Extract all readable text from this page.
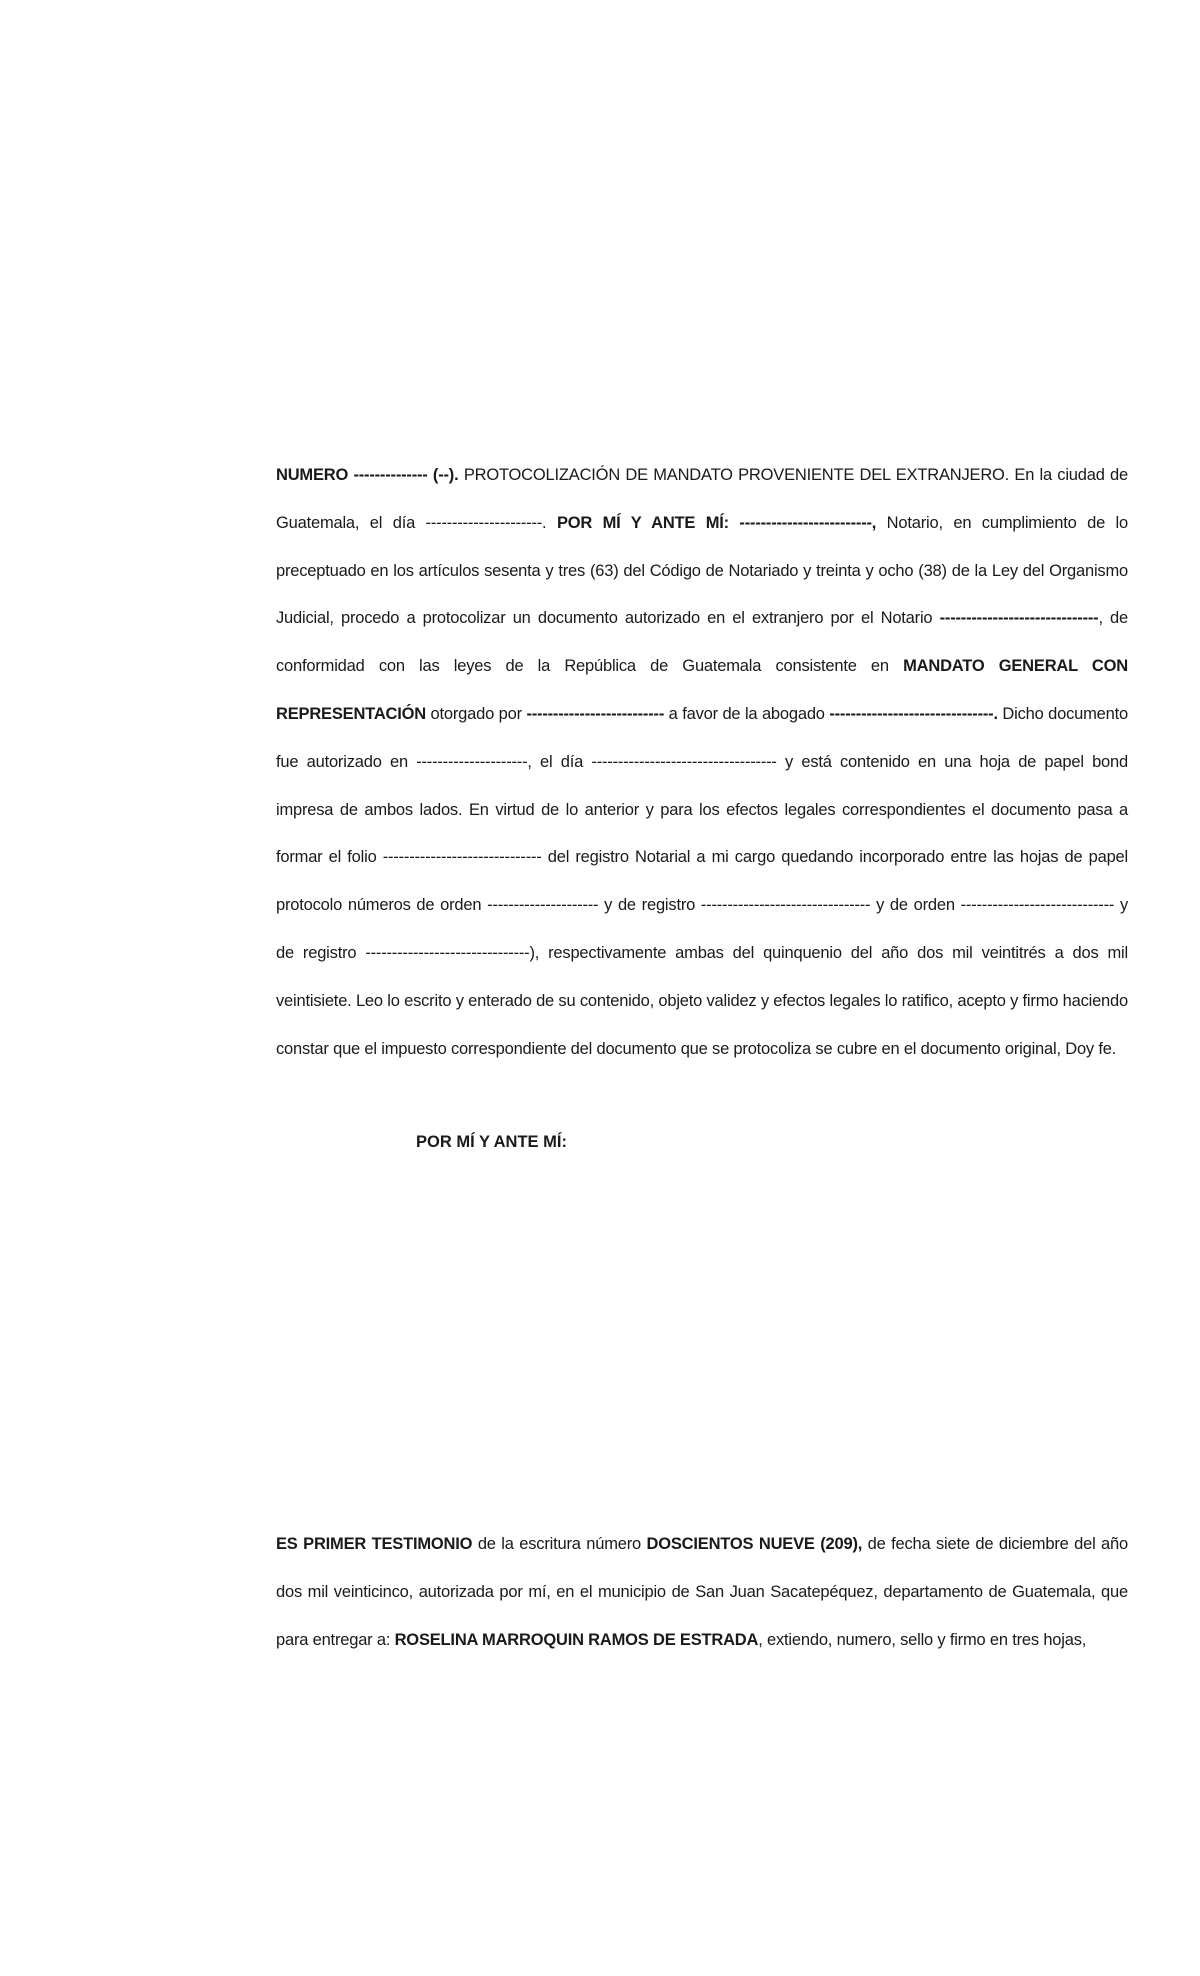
NUMERO -------------- (--). PROTOCOLIZACIÓN DE MANDATO PROVENIENTE DEL EXTRANJERO. En la ciudad de Guatemala, el día ----------------------. POR MÍ Y ANTE MÍ: -------------------------, Notario, en cumplimiento de lo preceptuado en los artículos sesenta y tres (63) del Código de Notariado y treinta y ocho (38) de la Ley del Organismo Judicial, procedo a protocolizar un documento autorizado en el extranjero por el Notario ------------------------------, de conformidad con las leyes de la República de Guatemala consistente en MANDATO GENERAL CON REPRESENTACIÓN otorgado por -------------------------- a favor de la abogado -------------------------------. Dicho documento fue autorizado en ---------------------, el día ----------------------------------- y está contenido en una hoja de papel bond impresa de ambos lados. En virtud de lo anterior y para los efectos legales correspondientes el documento pasa a formar el folio ------------------------------ del registro Notarial a mi cargo quedando incorporado entre las hojas de papel protocolo números de orden --------------------- y de registro -------------------------------- y de orden ----------------------------- y de registro -------------------------------), respectivamente ambas del quinquenio del año dos mil veintitrés a dos mil veintisiete. Leo lo escrito y enterado de su contenido, objeto validez y efectos legales lo ratifico, acepto y firmo haciendo constar que el impuesto correspondiente del documento que se protocoliza se cubre en el documento original, Doy fe.

POR MÍ Y ANTE MÍ:

ES PRIMER TESTIMONIO de la escritura número DOSCIENTOS NUEVE (209), de fecha siete de diciembre del año dos mil veinticinco, autorizada por mí, en el municipio de San Juan Sacatepéquez, departamento de Guatemala, que para entregar a: ROSELINA MARROQUIN RAMOS DE ESTRADA, extiendo, numero, sello y firmo en tres hojas,
